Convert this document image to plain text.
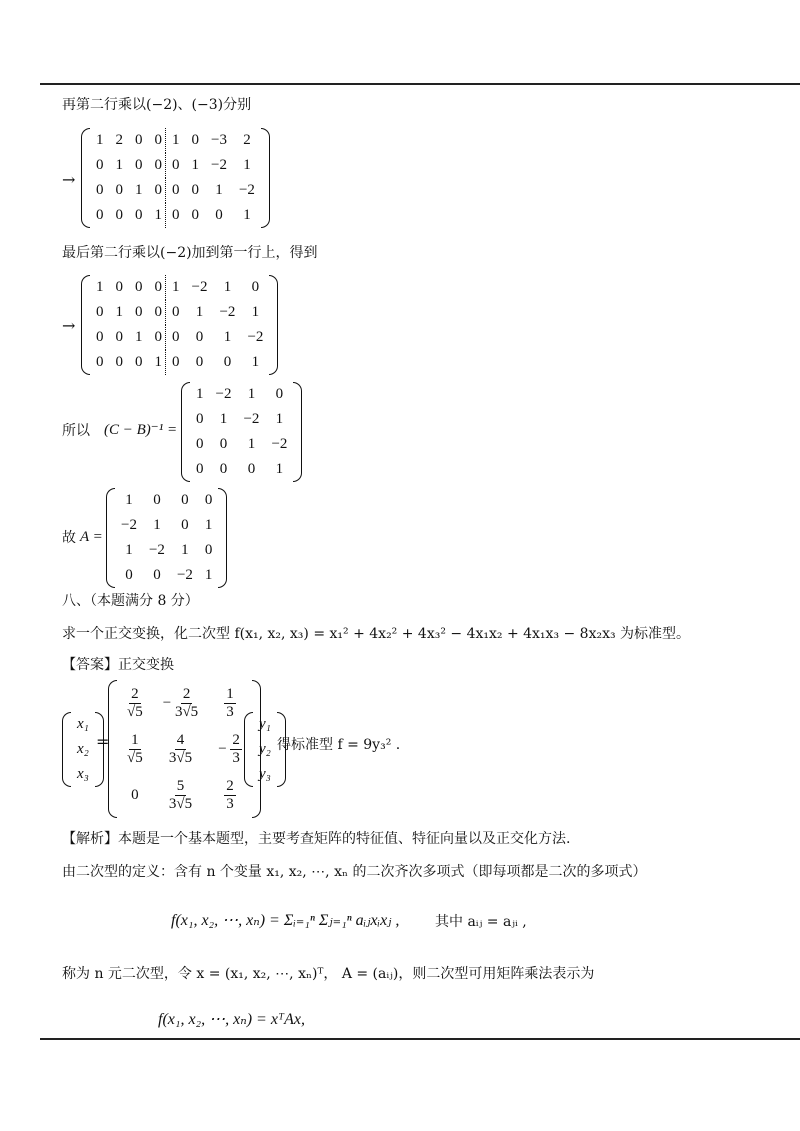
再第二行乘以(−2)、(−3)分别
→
1	2	0	0	1	0	−3	2
0	1	0	0	0	1	−2	1
0	0	1	0	0	0	1	−2
0	0	0	1	0	0	0	1
最后第二行乘以(−2)加到第一行上，得到
→
1	0	0	0	1	−2	1	0
0	1	0	0	0	1	−2	1
0	0	1	0	0	0	1	−2
0	0	0	1	0	0	0	1
所以 (C − B)⁻¹ =
1	−2	1	0
0	1	−2	1
0	0	1	−2
0	0	0	1
故 A =
1	0	0	0
−2	1	0	1
1	−2	1	0
0	0	−2	1
八、（本题满分 8 分）
求一个正交变换，化二次型 f(x₁, x₂, x₃) = x₁² + 4x₂² + 4x₃² − 4x₁x₂ + 4x₁x₃ − 8x₂x₃ 为标准型。
【答案】正交变换
x₁
x₂
x₃
=
$\frac{2}{√5}$	− $\frac{2}{3√5}$	$\frac{1}{3}$

$\frac{1}{√5}$	$\frac{4}{3√5}$	− $\frac{2}{3}$

0	$\frac{5}{3√5}$	$\frac{2}{3}$
y₁
y₂
y₃
得标准型 f = 9y₃² .
【解析】本题是一个基本题型，主要考查矩阵的特征值、特征向量以及正交化方法.
由二次型的定义：含有 n 个变量 x₁, x₂, ⋯, xₙ 的二次齐次多项式（即每项都是二次的多项式）
f(x₁, x₂, ⋯, xₙ) = Σᵢ₌₁ⁿ Σⱼ₌₁ⁿ aᵢⱼxᵢxⱼ ,	其中 aᵢⱼ = aⱼᵢ ,
称为 n 元二次型，令 x = (x₁, x₂, ⋯, xₙ)ᵀ， A = (aᵢⱼ)，则二次型可用矩阵乘法表示为
f(x₁, x₂, ⋯, xₙ) = xᵀAx,
